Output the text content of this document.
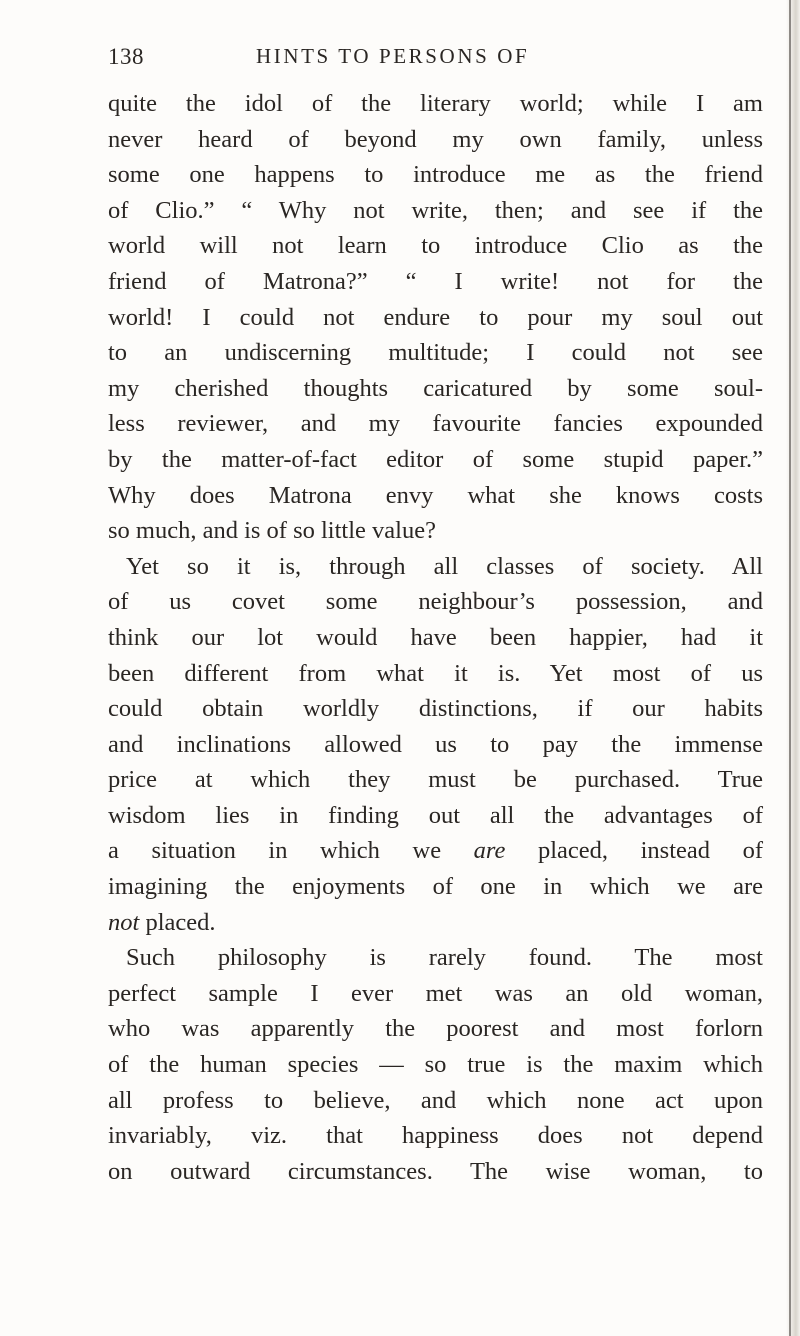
138	HINTS TO PERSONS OF
quite the idol of the literary world; while I am
never heard of beyond my own family, unless
some one happens to introduce me as the friend
of Clio.” “ Why not write, then; and see if the
world will not learn to introduce Clio as the
friend of Matrona?” “ I write! not for the
world! I could not endure to pour my soul out
to an undiscerning multitude; I could not see
my cherished thoughts caricatured by some soul-
less reviewer, and my favourite fancies expounded
by the matter-of-fact editor of some stupid paper.”
Why does Matrona envy what she knows costs
so much, and is of so little value?
Yet so it is, through all classes of society. All
of us covet some neighbour’s possession, and
think our lot would have been happier, had it
been different from what it is. Yet most of us
could obtain worldly distinctions, if our habits
and inclinations allowed us to pay the immense
price at which they must be purchased. True
wisdom lies in finding out all the advantages of
a situation in which we are placed, instead of
imagining the enjoyments of one in which we are
not placed.
Such philosophy is rarely found. The most
perfect sample I ever met was an old woman,
who was apparently the poorest and most forlorn
of the human species — so true is the maxim which
all profess to believe, and which none act upon
invariably, viz. that happiness does not depend
on outward circumstances. The wise woman, to
